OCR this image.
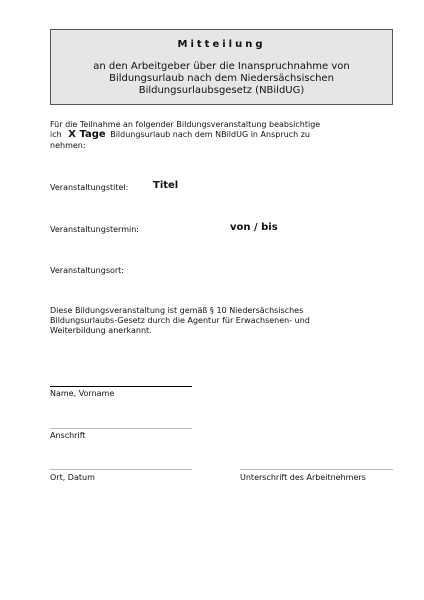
Mitteilung
an den Arbeitgeber über die Inanspruchnahme von
Bildungsurlaub nach dem Niedersächsischen
Bildungsurlaubsgesetz (NBildUG)
Für die Teilnahme an folgender Bildungsveranstaltung beabsichtige
ich X Tage Bildungsurlaub nach dem NBildUG in Anspruch zu
nehmen:
Veranstaltungstitel: Titel
Veranstaltungstermin:	von / bis
Veranstaltungsort:
Diese Bildungsveranstaltung ist gemäß § 10 Niedersächsisches
Bildungsurlaubs-Gesetz durch die Agentur für Erwachsenen- und
Weiterbildung anerkannt.
Name, Vorname
Anschrift
Ort, Datum	Unterschrift des Arbeitnehmers
